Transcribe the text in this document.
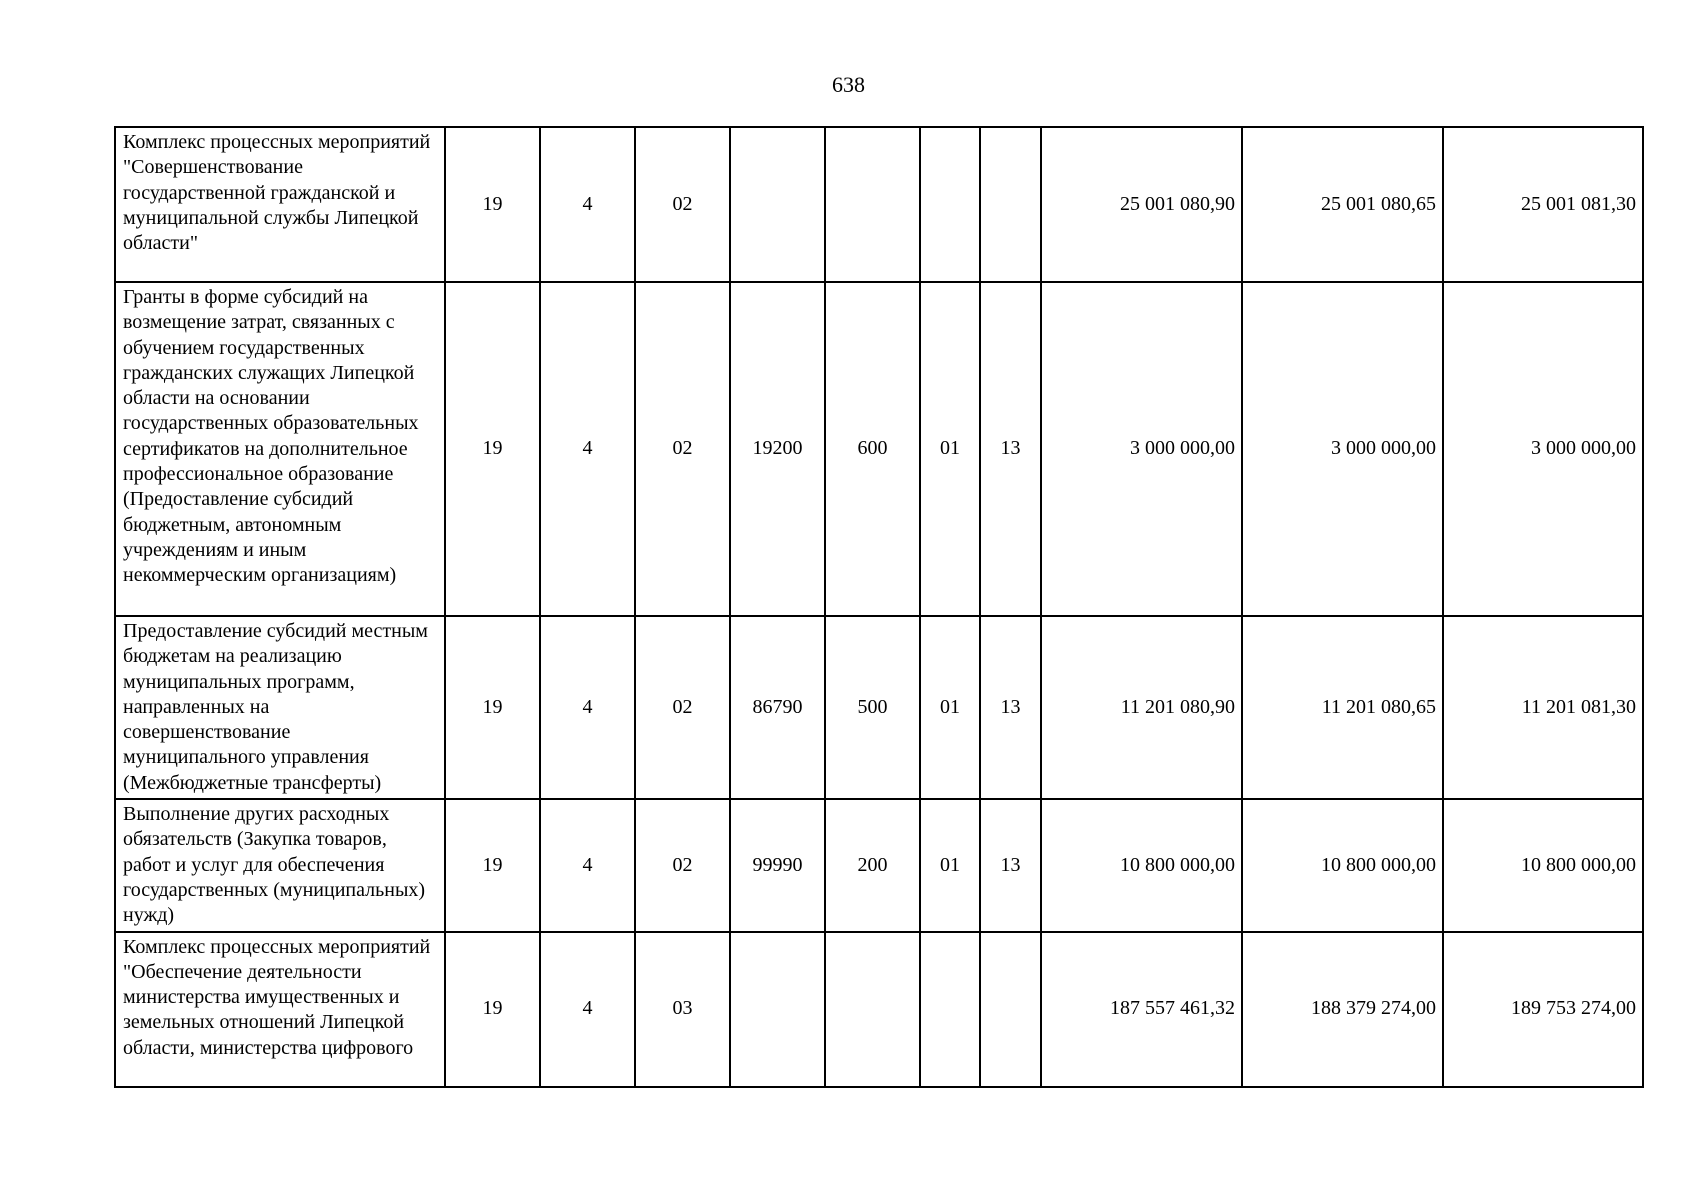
638
Комплекс процессных мероприятий "Совершенствование государственной гражданской и муниципальной службы Липецкой области"	19	4	02					25 001 080,90	25 001 080,65	25 001 081,30
Гранты в форме субсидий на возмещение затрат, связанных с обучением государственных гражданских служащих Липецкой области на основании государственных образовательных сертификатов на дополнительное профессиональное образование (Предоставление субсидий бюджетным, автономным учреждениям и иным некоммерческим организациям)	19	4	02	19200	600	01	13	3 000 000,00	3 000 000,00	3 000 000,00
Предоставление субсидий местным бюджетам на реализацию муниципальных программ, направленных на совершенствование муниципального управления (Межбюджетные трансферты)	19	4	02	86790	500	01	13	11 201 080,90	11 201 080,65	11 201 081,30
Выполнение других расходных обязательств (Закупка товаров, работ и услуг для обеспечения государственных (муниципальных) нужд)	19	4	02	99990	200	01	13	10 800 000,00	10 800 000,00	10 800 000,00
Комплекс процессных мероприятий "Обеспечение деятельности министерства имущественных и земельных отношений Липецкой области, министерства цифрового	19	4	03					187 557 461,32	188 379 274,00	189 753 274,00
